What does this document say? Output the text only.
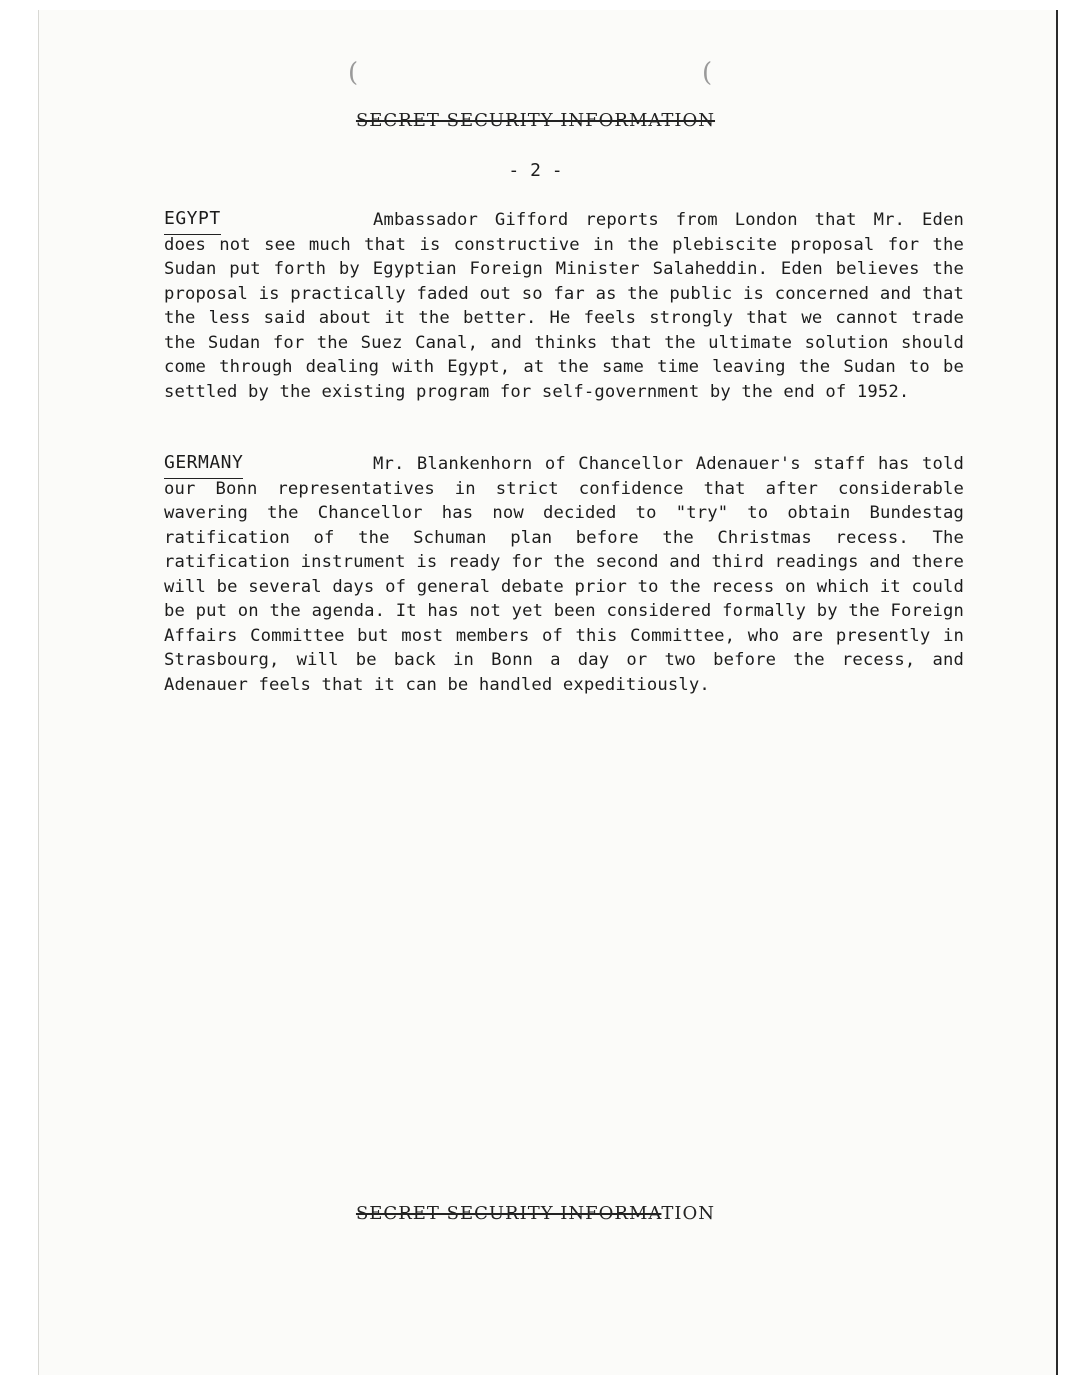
(	(
SECRET SECURITY INFORMATION
- 2 -
EGYPT	Ambassador Gifford reports from London that Mr. Eden does not see much that is constructive in the plebiscite proposal for the Sudan put forth by Egyptian Foreign Minister Salaheddin. Eden believes the proposal is practically faded out so far as the public is concerned and that the less said about it the better. He feels strongly that we cannot trade the Sudan for the Suez Canal, and thinks that the ultimate solution should come through dealing with Egypt, at the same time leaving the Sudan to be settled by the existing program for self-government by the end of 1952.

GERMANY	Mr. Blankenhorn of Chancellor Adenauer's staff has told our Bonn representatives in strict confidence that after considerable wavering the Chancellor has now decided to "try" to obtain Bundestag ratification of the Schuman plan before the Christmas recess. The ratification instrument is ready for the second and third readings and there will be several days of general debate prior to the recess on which it could be put on the agenda. It has not yet been considered formally by the Foreign Affairs Committee but most members of this Committee, who are presently in Strasbourg, will be back in Bonn a day or two before the recess, and Adenauer feels that it can be handled expeditiously.

SECRET SECURITY INFORMATION
